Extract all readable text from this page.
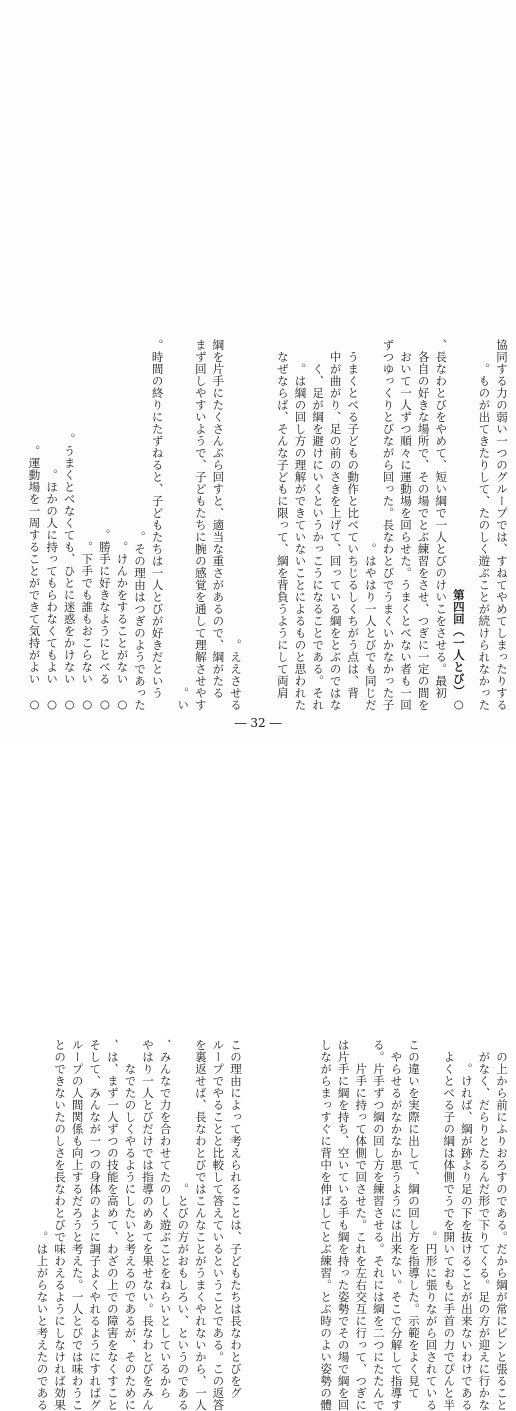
協同する力の弱い一つのグループでは、すねてやめてしまったりするものが出てきたりして、たのしく遊ぶことが続けられなかった。○第四回（一人とび）　長なわとびをやめて、短い綱で一人とびのけいこをさせる。最初、各自の好きな場所で、その場でとぶ練習をさせ、つぎに一定の間をおいて一人ずつ順々に運動場を回らせた。うまくとべない者も一回ずつゆっくりとびながら回った。長なわとびでうまくいかなかった子はやはり一人とびでも同じだ。　うまくとべる子どもの動作と比べていちじるしくちがう点は、背中が曲がり、足の前のさきを上げて、回っている綱をとぶのではなく、足が綱を避けにいくというかっこうになることである。それは綱の回し方の理解ができていないことによるものと思われた。　なぜならば、そんな子どもに限って、綱を背負うようにして両肩の上から前にふりおろすのである。だから綱が常にピンと張ることがなく、だらりとたるんだ形で下りてくる。足の方が迎えに行かなければ、綱が跡より足の下を抜けることが出来ないわけである。よくとべる子の綱は体側でうでを開いておもに手首の力でぴんと半円形に張りながら回されている。　この違いを実際に出して、綱の回し方を指導した。示範をよく見てやらせるがなかなか思うようには出来ない。そこで分解して指導する。片手ずつ綱の回し方を練習させる。それには綱を二つにたたんで片手に持って体側で回させた。これを左右交互に行って、つぎには片手に綱を持ち、空いている手も綱を持った姿勢でその場で綱を回しながらまっすぐに背中を伸ばしてとぶ練習。とぶ時のよい姿勢の體
ええさせる。　綱を片手にたくさんぶら回すと、適当な重さがあるので、綱がたるまず回しやすいようで、子どもたちに腕の感覚を通して理解させやすい。　時間の終りにたずねると、子どもたちは一人とびが好きだという。その理由はつぎのようであった。○　けんかをすることがない。○　勝手に好きなようにとべる。○　下手でも誰もおこらない。○　うまくとべなくても、ひとに迷惑をかけない。○　ほかの人に持ってもらわなくてもよい。○　運動場を一周することができて気持がよい。　この理由によって考えられることは、子どもたちは長なわとびをグループでやることと比較して答えているということである。この返答を裏返せば、長なわとびではこんなことがうまくやれないから、一人とびの方がおもしろい、というのである。　みんなで力を合わせてたのしく遊ぶことをねらいとしているから、やはり一人とびだけでは指導のめあてを果せない。長なわとびをみんなでたのしくやるようにしたいと考えるのであるが、そのためには、まず一人ずつの技能を高めて、わざの上での障害をなくすこと、そして、みんなが一つの身体のように調子よくやれるようにすればグループの人間関係も向上するだろうと考えた。一人とびでは味わうことのできないたのしさを長なわとびで味わえるようにしなければ効果は上がらないと考えたのである。
― 32 ―
